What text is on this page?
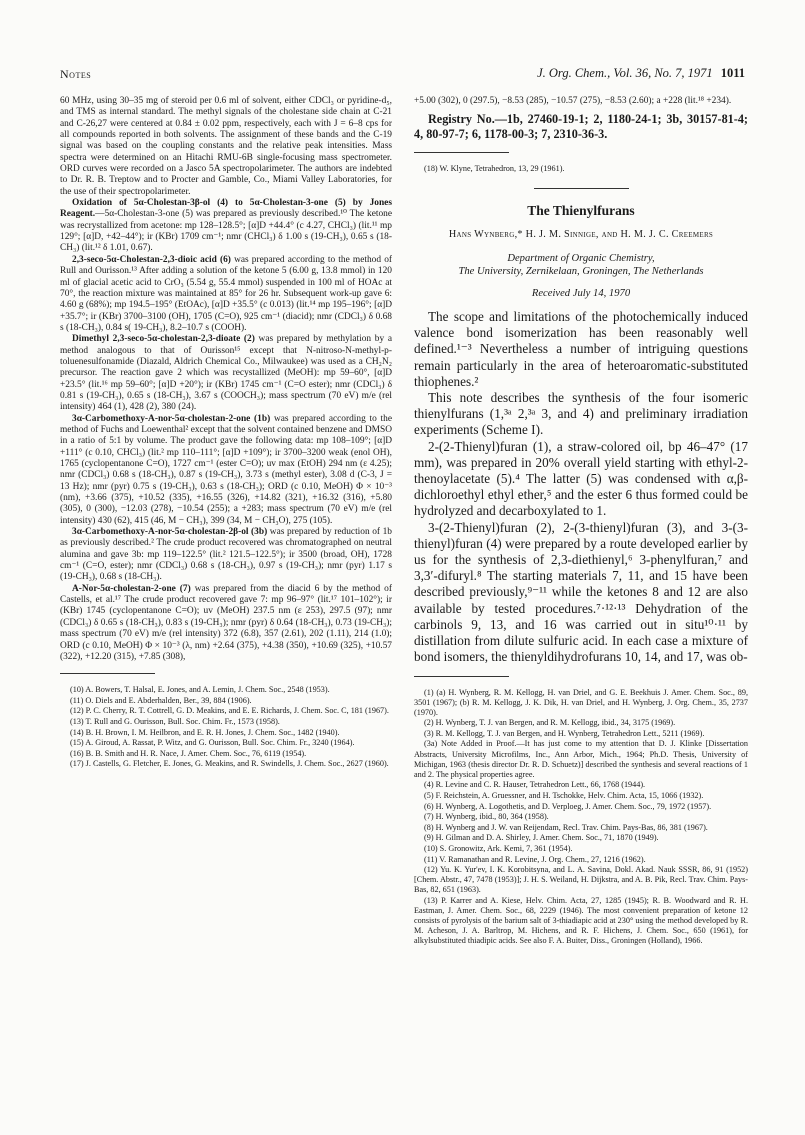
Notes	J. Org. Chem., Vol. 36, No. 7, 1971 1011

60 MHz, using 30–35 mg of steroid per 0.6 ml of solvent, either CDCl₃ or pyridine-d₅, and TMS as internal standard. The methyl signals of the cholestane side chain at C-21 and C-26,27 were centered at 0.84 ± 0.02 ppm, respectively, each with J = 6–8 cps for all compounds reported in both solvents. The assignment of these bands and the C-19 signal was based on the coupling constants and the relative peak intensities. Mass spectra were determined on an Hitachi RMU-6B single-focusing mass spectrometer. ORD curves were recorded on a Jasco 5A spectropolarimeter. The authors are indebted to Dr. R. B. Treptow and to Procter and Gamble, Co., Miami Valley Laboratories, for the use of their spectropolarimeter.

Oxidation of 5α-Cholestan-3β-ol (4) to 5α-Cholestan-3-one (5) by Jones Reagent.—5α-Cholestan-3-one (5) was prepared as previously described.¹⁰ The ketone was recrystallized from acetone: mp 128–128.5°; [α]D +44.4° (c 4.27, CHCl₃) (lit.¹¹ mp 129°; [α]D, +42–44°); ir (KBr) 1709 cm⁻¹; nmr (CHCl₃) δ 1.00 s (19-CH₃), 0.65 s (18-CH₃) (lit.¹² δ 1.01, 0.67).

2,3-seco-5α-Cholestan-2,3-dioic acid (6) was prepared according to the method of Rull and Ourisson.¹³ After adding a solution of the ketone 5 (6.00 g, 13.8 mmol) in 120 ml of glacial acetic acid to CrO₃ (5.54 g, 55.4 mmol) suspended in 100 ml of HOAc at 70°, the reaction mixture was maintained at 85° for 26 hr. Subsequent work-up gave 6: 4.60 g (68%); mp 194.5–195° (EtOAc), [α]D +35.5° (c 0.013) (lit.¹⁴ mp 195–196°; [α]D +35.7°; ir (KBr) 3700–3100 (OH), 1705 (C=O), 925 cm⁻¹ (diacid); nmr (CDCl₃) δ 0.68 s (18-CH₃), 0.84 s( 19-CH₃), 8.2–10.7 s (COOH).

Dimethyl 2,3-seco-5α-cholestan-2,3-dioate (2) was prepared by methylation by a method analogous to that of Ourisson¹⁵ except that N-nitroso-N-methyl-p-toluenesulfonamide (Diazald, Aldrich Chemical Co., Milwaukee) was used as a CH₂N₂ precursor. The reaction gave 2 which was recystallized (MeOH): mp 59–60°, [α]D +23.5° (lit.¹⁶ mp 59–60°; [α]D +20°); ir (KBr) 1745 cm⁻¹ (C=O ester); nmr (CDCl₃) δ 0.81 s (19-CH₃), 0.65 s (18-CH₃), 3.67 s (COOCH₃); mass spectrum (70 eV) m/e (rel intensity) 464 (1), 428 (2), 380 (24).

3α-Carbomethoxy-A-nor-5α-cholestan-2-one (1b) was prepared according to the method of Fuchs and Loewenthal² except that the solvent contained benzene and DMSO in a ratio of 5:1 by volume. The product gave the following data: mp 108–109°; [α]D +111° (c 0.10, CHCl₃) (lit.² mp 110–111°; [α]D +109°); ir 3700–3200 weak (enol OH), 1765 (cyclopentanone C=O), 1727 cm⁻¹ (ester C=O); uv max (EtOH) 294 nm (ε 4.25); nmr (CDCl₃) 0.68 s (18-CH₃), 0.87 s (19-CH₃), 3.73 s (methyl ester), 3.08 d (C-3, J = 13 Hz); nmr (pyr) 0.75 s (19-CH₃), 0.63 s (18-CH₃); ORD (c 0.10, MeOH) Φ × 10⁻³ (nm), +3.66 (375), +10.52 (335), +16.55 (326), +14.82 (321), +16.32 (316), +5.80 (305), 0 (300), −12.03 (278), −10.54 (255); a +283; mass spectrum (70 eV) m/e (rel intensity) 430 (62), 415 (46, M − CH₃), 399 (34, M − CH₃O), 275 (105).

3α-Carbomethoxy-A-nor-5α-cholestan-2β-ol (3b) was prepared by reduction of 1b as previously described.² The crude product recovered was chromatographed on neutral alumina and gave 3b: mp 119–122.5° (lit.² 121.5–122.5°); ir 3500 (broad, OH), 1728 cm⁻¹ (C=O, ester); nmr (CDCl₃) 0.68 s (18-CH₃), 0.97 s (19-CH₃); nmr (pyr) 1.17 s (19-CH₃), 0.68 s (18-CH₃).

A-Nor-5α-cholestan-2-one (7) was prepared from the diacid 6 by the method of Castells, et al.¹⁷ The crude product recovered gave 7: mp 96–97° (lit.¹⁷ 101–102°); ir (KBr) 1745 (cyclopentanone C=O); uv (MeOH) 237.5 nm (ε 253), 297.5 (97); nmr (CDCl₃) δ 0.65 s (18-CH₃), 0.83 s (19-CH₃); nmr (pyr) δ 0.64 (18-CH₃), 0.73 (19-CH₃); mass spectrum (70 eV) m/e (rel intensity) 372 (6.8), 357 (2.61), 202 (1.11), 214 (1.0); ORD (c 0.10, MeOH) Φ × 10⁻³ (λ, nm) +2.64 (375), +4.38 (350), +10.69 (325), +10.57 (322), +12.20 (315), +7.85 (308),

(10) A. Bowers, T. Halsal, E. Jones, and A. Lemin, J. Chem. Soc., 2548 (1953).

(11) O. Diels and E. Abderhalden, Ber., 39, 884 (1906).

(12) P. C. Cherry, R. T. Cottrell, G. D. Meakins, and E. E. Richards, J. Chem. Soc. C, 181 (1967).

(13) T. Rull and G. Ourisson, Bull. Soc. Chim. Fr., 1573 (1958).

(14) B. H. Brown, I. M. Heilbron, and E. R. H. Jones, J. Chem. Soc., 1482 (1940).

(15) A. Giroud, A. Rassat, P. Witz, and G. Ourisson, Bull. Soc. Chim. Fr., 3240 (1964).

(16) B. B. Smith and H. R. Nace, J. Amer. Chem. Soc., 76, 6119 (1954).

(17) J. Castells, G. Fletcher, E. Jones, G. Meakins, and R. Swindells, J. Chem. Soc., 2627 (1960).

+5.00 (302), 0 (297.5), −8.53 (285), −10.57 (275), −8.53 (2.60); a +228 (lit.¹⁸ +234).

Registry No.—1b, 27460-19-1; 2, 1180-24-1; 3b, 30157-81-4; 4, 80-97-7; 6, 1178-00-3; 7, 2310-36-3.

(18) W. Klyne, Tetrahedron, 13, 29 (1961).

The Thienylfurans
Hans Wynberg,* H. J. M. Sinnige, and H. M. J. C. Creemers
Department of Organic Chemistry,
The University, Zernikelaan, Groningen, The Netherlands
Received July 14, 1970

The scope and limitations of the photochemically induced valence bond isomerization has been reasonably well defined.¹⁻³ Nevertheless a number of intriguing questions remain particularly in the area of heteroaromatic-substituted thiophenes.²

This note describes the synthesis of the four isomeric thienylfurans (1,³ᵃ 2,³ᵃ 3, and 4) and preliminary irradiation experiments (Scheme I).

2-(2-Thienyl)furan (1), a straw-colored oil, bp 46–47° (17 mm), was prepared in 20% overall yield starting with ethyl-2-thenoylacetate (5).⁴ The latter (5) was condensed with α,β-dichloroethyl ethyl ether,⁵ and the ester 6 thus formed could be hydrolyzed and decarboxylated to 1.

3-(2-Thienyl)furan (2), 2-(3-thienyl)furan (3), and 3-(3-thienyl)furan (4) were prepared by a route developed earlier by us for the synthesis of 2,3-diethienyl,⁶ 3-phenylfuran,⁷ and 3,3′-difuryl.⁸ The starting materials 7, 11, and 15 have been described previously,⁹⁻¹¹ while the ketones 8 and 12 are also available by tested procedures.⁷·¹²·¹³ Dehydration of the carbinols 9, 13, and 16 was carried out in situ¹⁰·¹¹ by distillation from dilute sulfuric acid. In each case a mixture of bond isomers, the thienyldihydrofurans 10, 14, and 17, was ob-

(1) (a) H. Wynberg, R. M. Kellogg, H. van Driel, and G. E. Beekhuis J. Amer. Chem. Soc., 89, 3501 (1967); (b) R. M. Kellogg, J. K. Dik, H. van Driel, and H. Wynberg, J. Org. Chem., 35, 2737 (1970).

(2) H. Wynberg, T. J. van Bergen, and R. M. Kellogg, ibid., 34, 3175 (1969).

(3) R. M. Kellogg, T. J. van Bergen, and H. Wynberg, Tetrahedron Lett., 5211 (1969).

(3a) Note Added in Proof.—It has just come to my attention that D. J. Klinke [Dissertation Abstracts, University Microfilms, Inc., Ann Arbor, Mich., 1964; Ph.D. Thesis, University of Michigan, 1963 (thesis director Dr. R. D. Schuetz)] described the synthesis and several reactions of 1 and 2. The physical properties agree.

(4) R. Levine and C. R. Hauser, Tetrahedron Lett., 66, 1768 (1944).

(5) F. Reichstein, A. Gruessner, and H. Tschokke, Helv. Chim. Acta, 15, 1066 (1932).

(6) H. Wynberg, A. Logothetis, and D. Verploeg, J. Amer. Chem. Soc., 79, 1972 (1957).

(7) H. Wynberg, ibid., 80, 364 (1958).

(8) H. Wynberg and J. W. van Reijendam, Recl. Trav. Chim. Pays-Bas, 86, 381 (1967).

(9) H. Gilman and D. A. Shirley, J. Amer. Chem. Soc., 71, 1870 (1949).

(10) S. Gronowitz, Ark. Kemi, 7, 361 (1954).

(11) V. Ramanathan and R. Levine, J. Org. Chem., 27, 1216 (1962).

(12) Yu. K. Yur'ev, I. K. Korobitsyna, and L. A. Savina, Dokl. Akad. Nauk SSSR, 86, 91 (1952) [Chem. Abstr., 47, 7478 (1953)]; J. H. S. Weiland, H. Dijkstra, and A. B. Pik, Recl. Trav. Chim. Pays-Bas, 82, 651 (1963).

(13) P. Karrer and A. Kiese, Helv. Chim. Acta, 27, 1285 (1945); R. B. Woodward and R. H. Eastman, J. Amer. Chem. Soc., 68, 2229 (1946). The most convenient preparation of ketone 12 consists of pyrolysis of the barium salt of 3-thiadiapic acid at 230° using the method developed by R. M. Acheson, J. A. Barltrop, M. Hichens, and R. F. Hichens, J. Chem. Soc., 650 (1961), for alkylsubstituted thiadipic acids. See also F. A. Buiter, Diss., Groningen (Holland), 1966.
